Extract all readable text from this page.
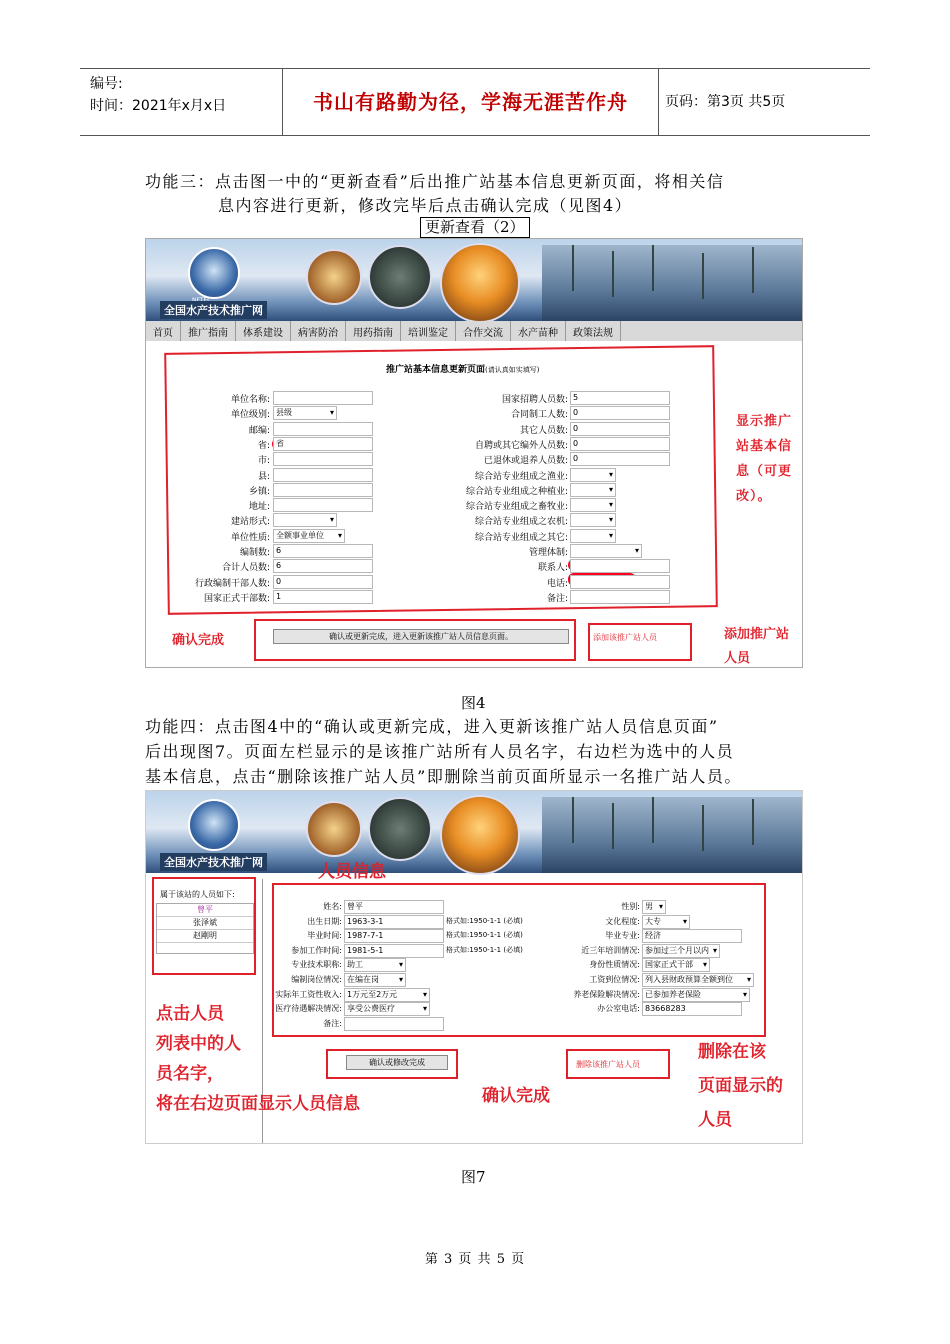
编号:
时间：2021年x月x日	书山有路勤为径，学海无涯苦作舟	页码：第3页 共5页
功能三：点击图一中的“更新查看”后出推广站基本信息更新页面，将相关信
息内容进行更新，修改完毕后点击确认完成（见图4）
更新查看（2）
全国水产技术推广网
首页 推广指南 体系建设 病害防治 用药指南 培训鉴定 合作交流 水产苗种 政策法规
推广站基本信息更新页面(请认真如实填写)
确认或更新完成，进入更新该推广站人员信息页面。	添加该推广站人员
显示推广站基本信息（可更改）。
确认完成	添加推广站人员
单位名称:
单位级别: 县级 ▾
邮编:
省: 省
市:
县:
乡镇:
地址:
建站形式:
▾
单位性质: 全额事业单位 ▾
编制数: 6
合计人员数: 6
行政编制干部人数: 0
国家正式干部数: 1
国家招聘人员数: 5
合同制工人数: 0
其它人员数: 0
自聘或其它编外人员数: 0
已退休或退养人员数: 0
综合站专业组成之渔业:
▾
综合站专业组成之种植业:
▾
综合站专业组成之畜牧业:
▾
综合站专业组成之农机:
▾
综合站专业组成之其它:
▾
管理体制:
▾
联系人:
电话:
备注:
图4
功能四：点击图4中的“确认或更新完成，进入更新该推广站人员信息页面”
后出现图7。页面左栏显示的是该推广站所有人员名字，右边栏为选中的人员
基本信息，点击“删除该推广站人员”即删除当前页面所显示一名推广站人员。
全国水产技术推广网
属于该站的人员如下:
曾平
张泽斌
赵剛明
人员信息
确认或修改完成	删除该推广站人员
点击人员
列表中的人
员名字，
将在右边页面显示人员信息	确认完成
删除在该
页面显示的
人员
姓名: 曾平
出生日期: 1963-3-1	格式如:1950-1-1 (必填)
毕业时间: 1987-7-1	格式如:1950-1-1 (必填)
参加工作时间: 1981-5-1	格式如:1950-1-1 (必填)
专业技术职称: 助工 ▾
编制岗位情况: 在编在岗 ▾
实际年工资性收入: 1万元至2万元 ▾
医疗待遇解决情况: 享受公费医疗 ▾
备注:
性别: 男 ▾
文化程度: 大专 ▾
毕业专业: 经济
近三年培训情况: 参加过三个月以内 ▾
身份性质情况: 国家正式干部 ▾
工资到位情况: 列入县财政预算全额到位 ▾
养老保险解决情况: 已参加养老保险 ▾
办公室电话: 83668283
图7
第 3 页 共 5 页
